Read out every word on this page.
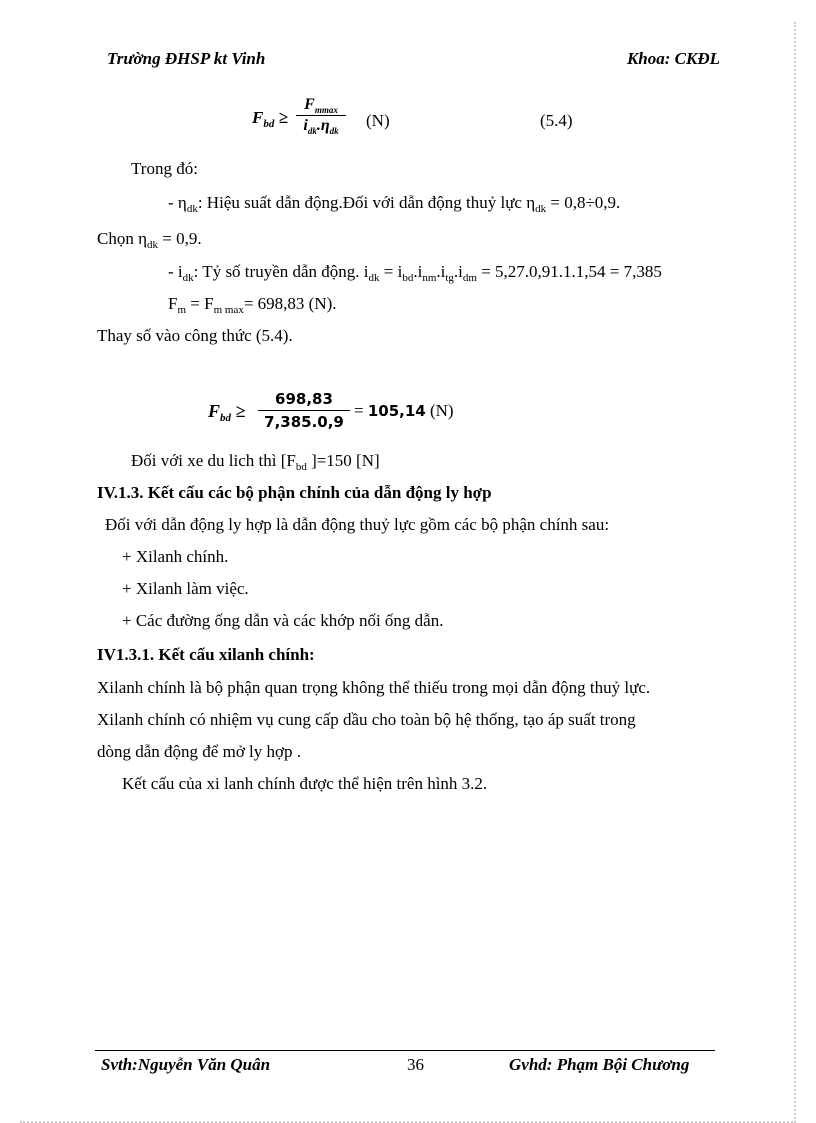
Trường ĐHSP kt Vinh	Khoa: CKĐL
$F_{bd}$ ≥
$F_{mmax}$
$i_{dk}.\eta_{dk}$
(N)	(5.4)
Trong đó:
- $\eta_{dk}$: Hiệu suất dẫn động.Đối với dẫn động thuỷ lực $\eta_{dk} = 0,8\div 0,9$.
Chọn $\eta_{dk} = 0,9$.
- $i_{dk}$: Tỷ số truyền dẫn động. $i_{dk} = i_{bd}.i_{nm}.i_{tg}.i_{dm} = 5,27.0,91.1.1,54 = 7,385$
$F_m = F_{m max}= 698,83$ (N).
Thay số vào công thức (5.4).
$F_{bd} \ge \frac{698,83}{7,385.0,9} = 105,14$ (N)
Đối với xe du lich thì [$F_{bd}$ ]=150 [N]
IV.1.3. Kết cấu các bộ phận chính của dẫn động ly hợp
Đối với dẫn động ly hợp là dẫn động thuỷ lực gồm các bộ phận chính sau:
+ Xilanh chính.
+ Xilanh làm việc.
+ Các đường ống dẫn và các khớp nối ống dẫn.
IV1.3.1. Kết cấu xilanh chính:
Xilanh chính là bộ phận quan trọng không thể thiếu trong mọi dẫn động thuỷ lực.
Xilanh chính có nhiệm vụ cung cấp dầu cho toàn bộ hệ thống, tạo áp suất trong
dòng dẫn động để mở ly hợp .
Kết cấu của xi lanh chính được thể hiện trên hình 3.2.
Svth:Nguyễn Văn Quân	36	Gvhd: Phạm Bội Chương
